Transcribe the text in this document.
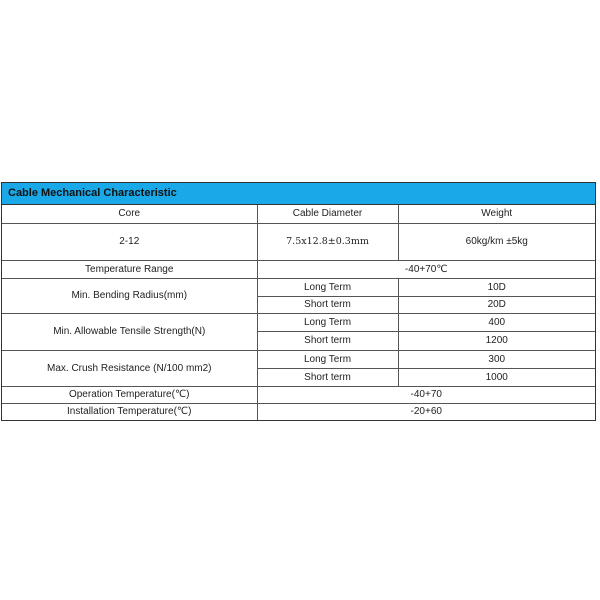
Cable Mechanical Characteristic
Core	Cable Diameter	Weight
2-12	7.5x12.8±0.3mm	60kg/km ±5kg
Temperature Range	-40+70℃	
Min. Bending Radius(mm)	Long Term	10D
	Short term	20D
Min. Allowable Tensile Strength(N)	Long Term	400
	Short term	1200
Max. Crush Resistance (N/100 mm2)	Long Term	300
	Short term	1000
Operation Temperature(℃)	-40+70	
Installation Temperature(℃)	-20+60	
